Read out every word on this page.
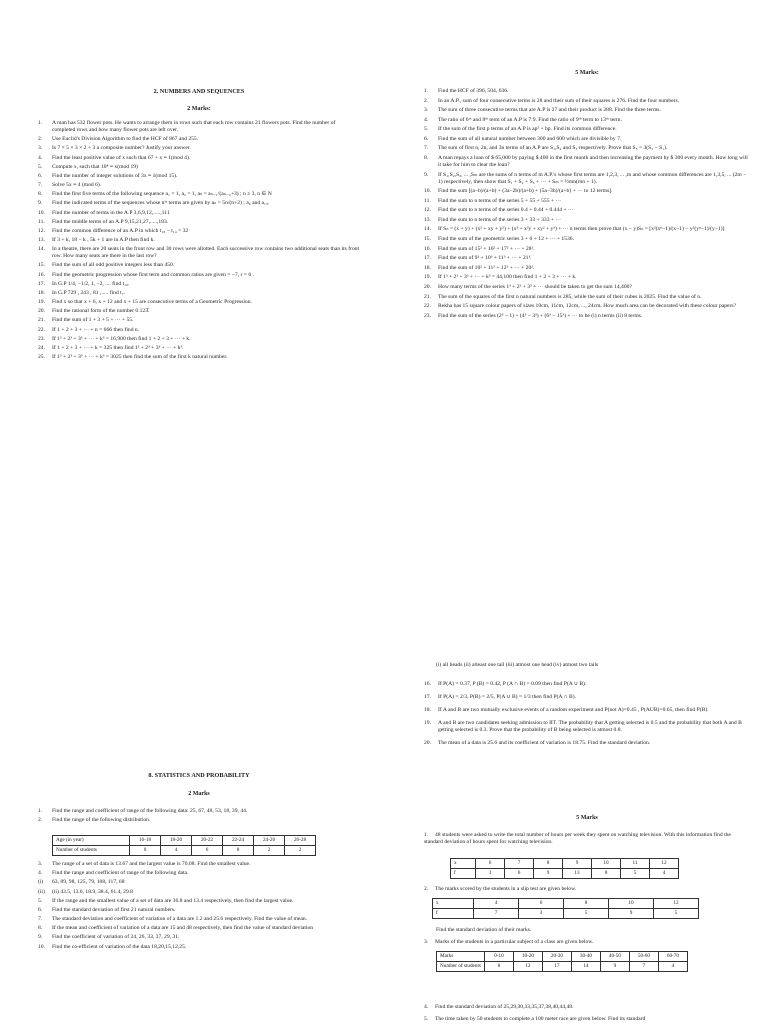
2. NUMBERS AND SEQUENCES
2 Marks:
1.	A man has 532 flower pots. He wants to arrange them in rows such that each row contains 21 flowers pots. Find the number of completed rows and how many flower pots are left over.
2.	Use Euclid's Division Algorithm to find the HCF of 867 and 255.
3.	Is 7 × 5 × 3 × 2 + 3 a composite number? Justify your answer.
4.	Find the least positive value of x such that 67 + x ≡ 1(mod 4).
5.	Compute x, such that 10⁴ ≡ x(mod 19)
6.	Find the number of integer solutions of 3x ≡ 1(mod 15).
7.	Solve 5x ≡ 4 (mod 6).
8.	Find the first five terms of the following sequence a₁ = 1, a₂ = 1, aₙ = aₙ₋₁/(aₙ₋₂+3) ; n ≥ 3, n ∈ N
9.	Find the indicated terms of the sequences whose nᵗʰ terms are given by aₙ = 5n/(n+2) ; a₆ and a₁₃.
10.	Find the number of terms in the A.P 3,6,9,12,.....,111
11.	Find the middle terms of an A.P 9,15,21,27,.....,183.
12.	Find the common difference of an A.P in which t₁₈ − t₁₄ = 32
13.	If 3 + k, 18 − k , 5k + 1 are in A.P then find k.
14.	In a theatre, there are 20 seats in the front row and 30 rows were allotted. Each successive row contains two additional seats than its front row. How many seats are there in the last row?
15.	Find the sum of all odd positive integers less than 450.
16.	Find the geometric progression whose first term and common ratios are given = −7, r = 6 .
17.	In G.P 1/4, −1/2, 1, −2, .... find t₁₀.
18.	In G.P 729 , 243 , 81 ,..... find t₇.
19.	Find x so that x + 6, x + 12 and x + 15 are consecutive terms of a Geometric Progression.
20.	Find the rational form of the number 0.123̅.
21.	Find the sum of 1 + 3 + 5 + ··· + 55.
22.	If 1 + 2 + 3 + ··· + n = 666 then find n.
23.	If 1³ + 2³ + 3³ + ··· + k³ = 16,900 then find 1 + 2 + 3 + ··· + k.
24.	If 1 + 2 + 3 + ··· + k = 325 then find 1³ + 2³ + 3³ + ··· + k³.
25.	If 1³ + 2³ + 3³ + ··· + k³ = 3025 then find the sum of the first k natural number.
5 Marks:
1.	Find the HCF of 396, 504, 636.
2.	In an A.P., sum of four consecutive terms is 28 and their sum of their squares is 276. Find the four numbers.
3.	The sum of three consecutive terms that are A.P is 27 and their product is 288. Find the three terms.
4.	The ratio of 6ᵗʰ and 8ᵗʰ term of an A.P is 7:9. Find the ratio of 9ᵗʰ term to 13ᵗʰ term.
5.	If the sum of the first p terms of an A.P is ap² + bp. Find its common difference.
6.	Find the sum of all natural number between 300 and 600 which are divisible by 7.
7.	The sum of first n, 2n, and 3n terms of an A.P are S₁,S₂ and S₃ respectively. Prove that S₃ = 3(S₂ − S₁).
8.	A man repays a loan of $ 65,000 by paying $ 400 in the first month and then increasing the payment by $ 300 every month. How long will it take for him to clear the loan?
9.	If S₁,S₂,S₃, ... ,Sₘ are the sums of n terms of m A.P.'s whose first terms are 1,2,3, ... ,m and whose common differences are 1,3,5, ... (2m − 1) respectively, then show that S₁ + S₂ + S₃ + ··· + Sₘ = ½mn(mn + 1).
10.	Find the sum [(a−b)/(a+b) + (3a−2b)/(a+b) + (5a−3b)/(a+b) + ··· to 12 terms].
11.	Find the sum to n terms of the series 5 + 55 + 555 + ···
12.	Find the sum to n terms of the series 0.4 + 0.44 + 0.444 + ···
13.	Find the sum to n terms of the series 3 + 33 + 333 + ···
14.	If Sₙ = (x + y) + (x² + xy + y²) + (x³ + x²y + xy² + y³) + ··· n terms then prove that (x − y)Sₙ = [x²(xⁿ−1)/(x−1) − y²(yⁿ−1)/(y−1)]
15.	Find the sum of the geometric series 3 + 6 + 12 + ··· + 1536.
16.	Find the sum of 15² + 16² + 17² + ··· + 28².
17.	Find the sum of 9³ + 10³ + 11³ + ··· + 21³.
18.	Find the sum of 10² + 11² + 12² + ··· + 20².
19.	If 1³ + 2³ + 3³ + ··· + k³ = 44,100 then find 1 + 2 + 3 + ··· + k.
20.	How many terms of the series 1³ + 2³ + 3³ + ··· should be taken to get the sum 14,400?
21.	The sum of the squares of the first n natural numbers is 285, while the sum of their cubes is 2025. Find the value of n.
22.	Rekha has 15 square colour papers of sizes 10cm, 11cm, 12cm, ..., 24cm. How much area can be decorated with these colour papers?
23.	Find the sum of the series (2³ − 1) + (4³ − 3³) + (6³ − 15³) + ··· to be (i) n terms (ii) 8 terms.
8. STATISTICS AND PROBABILITY
2 Marks
1.	Find the range and coefficient of range of the following data: 25, 67, 48, 53, 18, 39, 44.
2.	Find the range of the following distribution.
Age (in year)	16-18	18-20	20-22	22-24	24-26	26-28
Number of students	0	4	6	8	2	2
3.	The range of a set of data is 13.67 and the largest value is 70.08. Find the smallest value.
4.	Find the range and coefficient of range of the following data.
(i)	63, 89, 98, 125, 79, 108, 117, 68
(ii)	(ii) 43.5, 13.6, 18.9, 38.4, 61.4, 29.8
5.	If the range and the smallest value of a set of data are 36.8 and 13.4 respectively, then find the largest value.
6.	Find the standard deviation of first 21 natural numbers.
7.	The standard deviation and coefficient of variation of a data are 1.2 and 25.6 respectively. Find the value of mean.
8.	If the mean and coefficient of variation of a data are 15 and 48 respectively, then find the value of standard deviation
9.	Find the coefficient of variation of 24, 26, 33, 37, 29, 31.
10.	Find the co-efficient of variation of the data 18,20,15,12,25.
(i) all heads (ii) atleast one tail (iii) atmost one head (iv) atmost two tails
16.	If P(A) = 0.37, P (B) = 0.42, P (A ∩ B) = 0.09 then find P(A ∪ B).
17.	If P(A) = 2/3, P(B) = 2/5, P(A ∪ B) = 1/3 then find P(A ∩ B).
18.	If A and B are two mutually exclusive events of a random experiment and P(not A)=0.45 , P(AUB)=0.65, then find P(B).
19.	A and B are two candidates seeking admission to IIT. The probability that A getting selected is 0.5 and the probability that both A and B getting selected is 0.3. Prove that the probability of B being selected is atmost 0.8.
20.	The mean of a data is 25.6 and its coefficient of variation is 18.75. Find the standard deviation.
5 Marks
1. 48 students were asked to write the total number of hours per week they spent on watching television. With this information find the standard deviation of hours spent for watching television.
x	6	7	8	9	10	11	12
f	3	6	9	13	8	5	4
2. The marks scored by the students in a slip test are given below.
x	4	6	8	10	12
f	7	3	5	9	5
Find the standard deviation of their marks.
3. Marks of the students in a particular subject of a class are given below.
Marks	0-10	10-20	20-30	30-40	40-50	50-60	60-70
Number of students	8	12	17	14	9	7	4
4. Find the standard deviation of 25,29,30,33,35,37,38,40,44,48.
5. The time taken by 50 students to complete a 100 meter race are given below. Find its standard
